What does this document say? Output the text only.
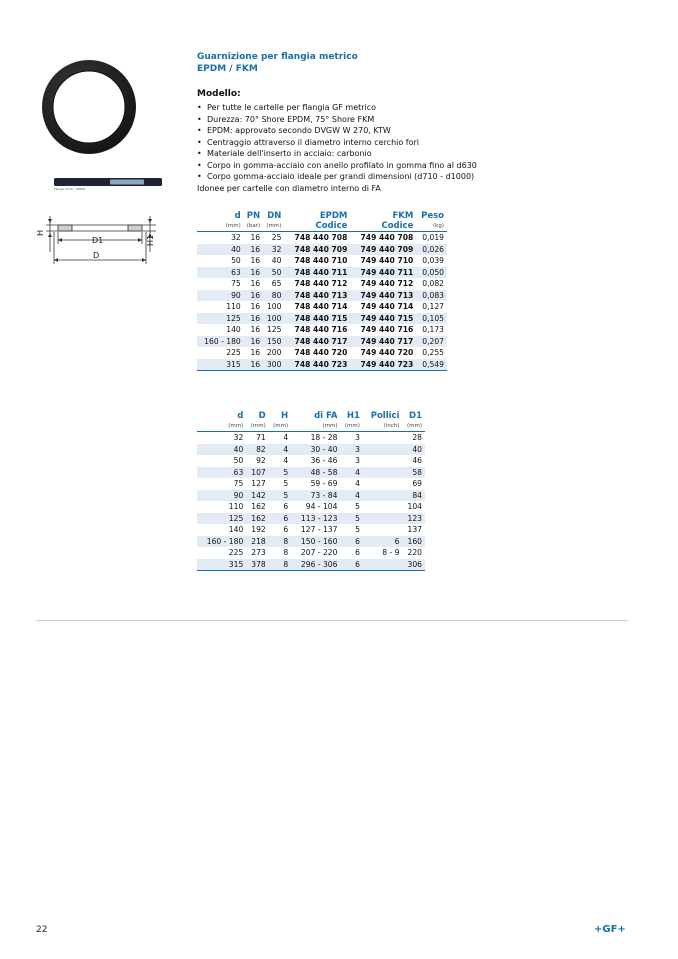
Flange d710 - d1000
H
D1
D
H1
Guarnizione per flangia metrico
EPDM / FKM
Modello:
• Per tutte le cartelle per flangia GF metrico
• Durezza: 70° Shore EPDM, 75° Shore FKM
• EPDM: approvato secondo DVGW W 270, KTW
• Centraggio attraverso il diametro interno cerchio fori
• Materiale dell'inserto in acciaio: carbonio
• Corpo in gomma-acciaio con anello profilato in gomma fino al d630
• Corpo gomma-acciaio ideale per grandi dimensioni (d710 - d1000)
Idonee per cartelle con diametro interno di FA
d	PN	DN	EPDM	FKM	Peso
(mm)	(bar)	(mm)	Codice	Codice	(kg)
32	16	25	748 440 708	749 440 708	0,019
40	16	32	748 440 709	749 440 709	0,026
50	16	40	748 440 710	749 440 710	0,039
63	16	50	748 440 711	749 440 711	0,050
75	16	65	748 440 712	749 440 712	0,082
90	16	80	748 440 713	749 440 713	0,083
110	16	100	748 440 714	749 440 714	0,127
125	16	100	748 440 715	749 440 715	0,105
140	16	125	748 440 716	749 440 716	0,173
160 - 180	16	150	748 440 717	749 440 717	0,207
225	16	200	748 440 720	749 440 720	0,255
315	16	300	748 440 723	749 440 723	0,549
d	D	H	di FA	H1	Pollici	D1
(mm)	(mm)	(mm)	(mm)	(mm)	(inch)	(mm)
32	71	4	18 - 28	3		28
40	82	4	30 - 40	3		40
50	92	4	36 - 46	3		46
63	107	5	48 - 58	4		58
75	127	5	59 - 69	4		69
90	142	5	73 - 84	4		84
110	162	6	94 - 104	5		104
125	162	6	113 - 123	5		123
140	192	6	127 - 137	5		137
160 - 180	218	8	150 - 160	6	6	160
225	273	8	207 - 220	6	8 - 9	220
315	378	8	296 - 306	6		306
22	+GF+
